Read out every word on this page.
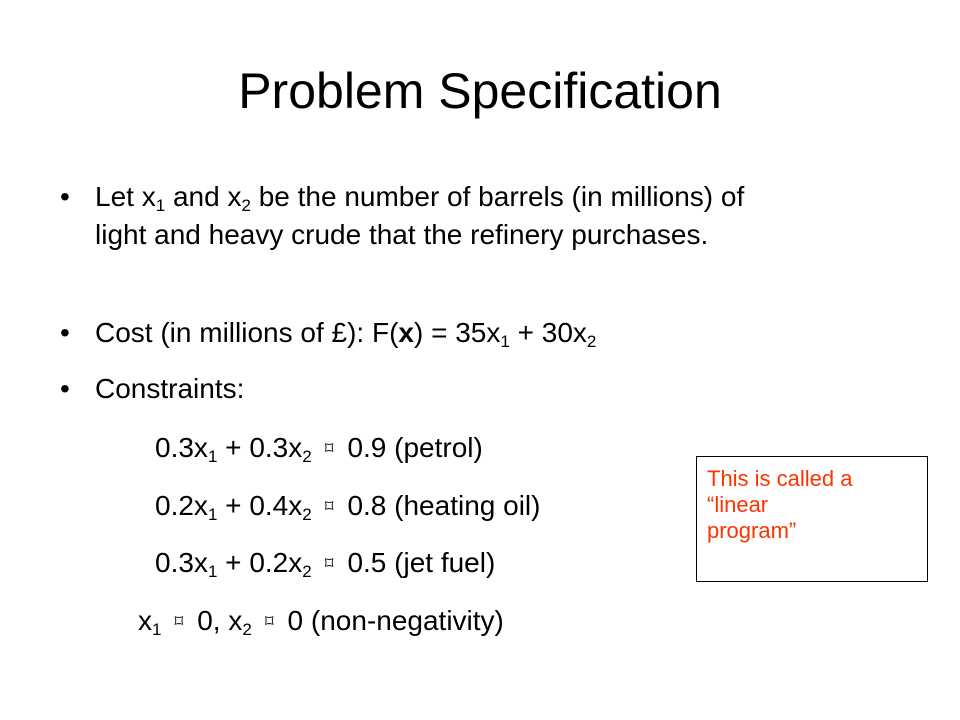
Problem Specification
• Let $x_1$ and $x_2$ be the number of barrels (in millions) of light and heavy crude that the refinery purchases.
• Cost (in millions of £): $F(x) = 35x_1 + 30x_2$
• Constraints:
$0.3x_1 + 0.3x_2$ ⌑ 0.9 (petrol)
$0.2x_1 + 0.4x_2$ ⌑ 0.8 (heating oil)
$0.3x_1 + 0.2x_2$ ⌑ 0.5 (jet fuel)
$x_1$ ⌑ 0, $x_2$ ⌑ 0 (non-negativity)
This is called a
“linear
program”
